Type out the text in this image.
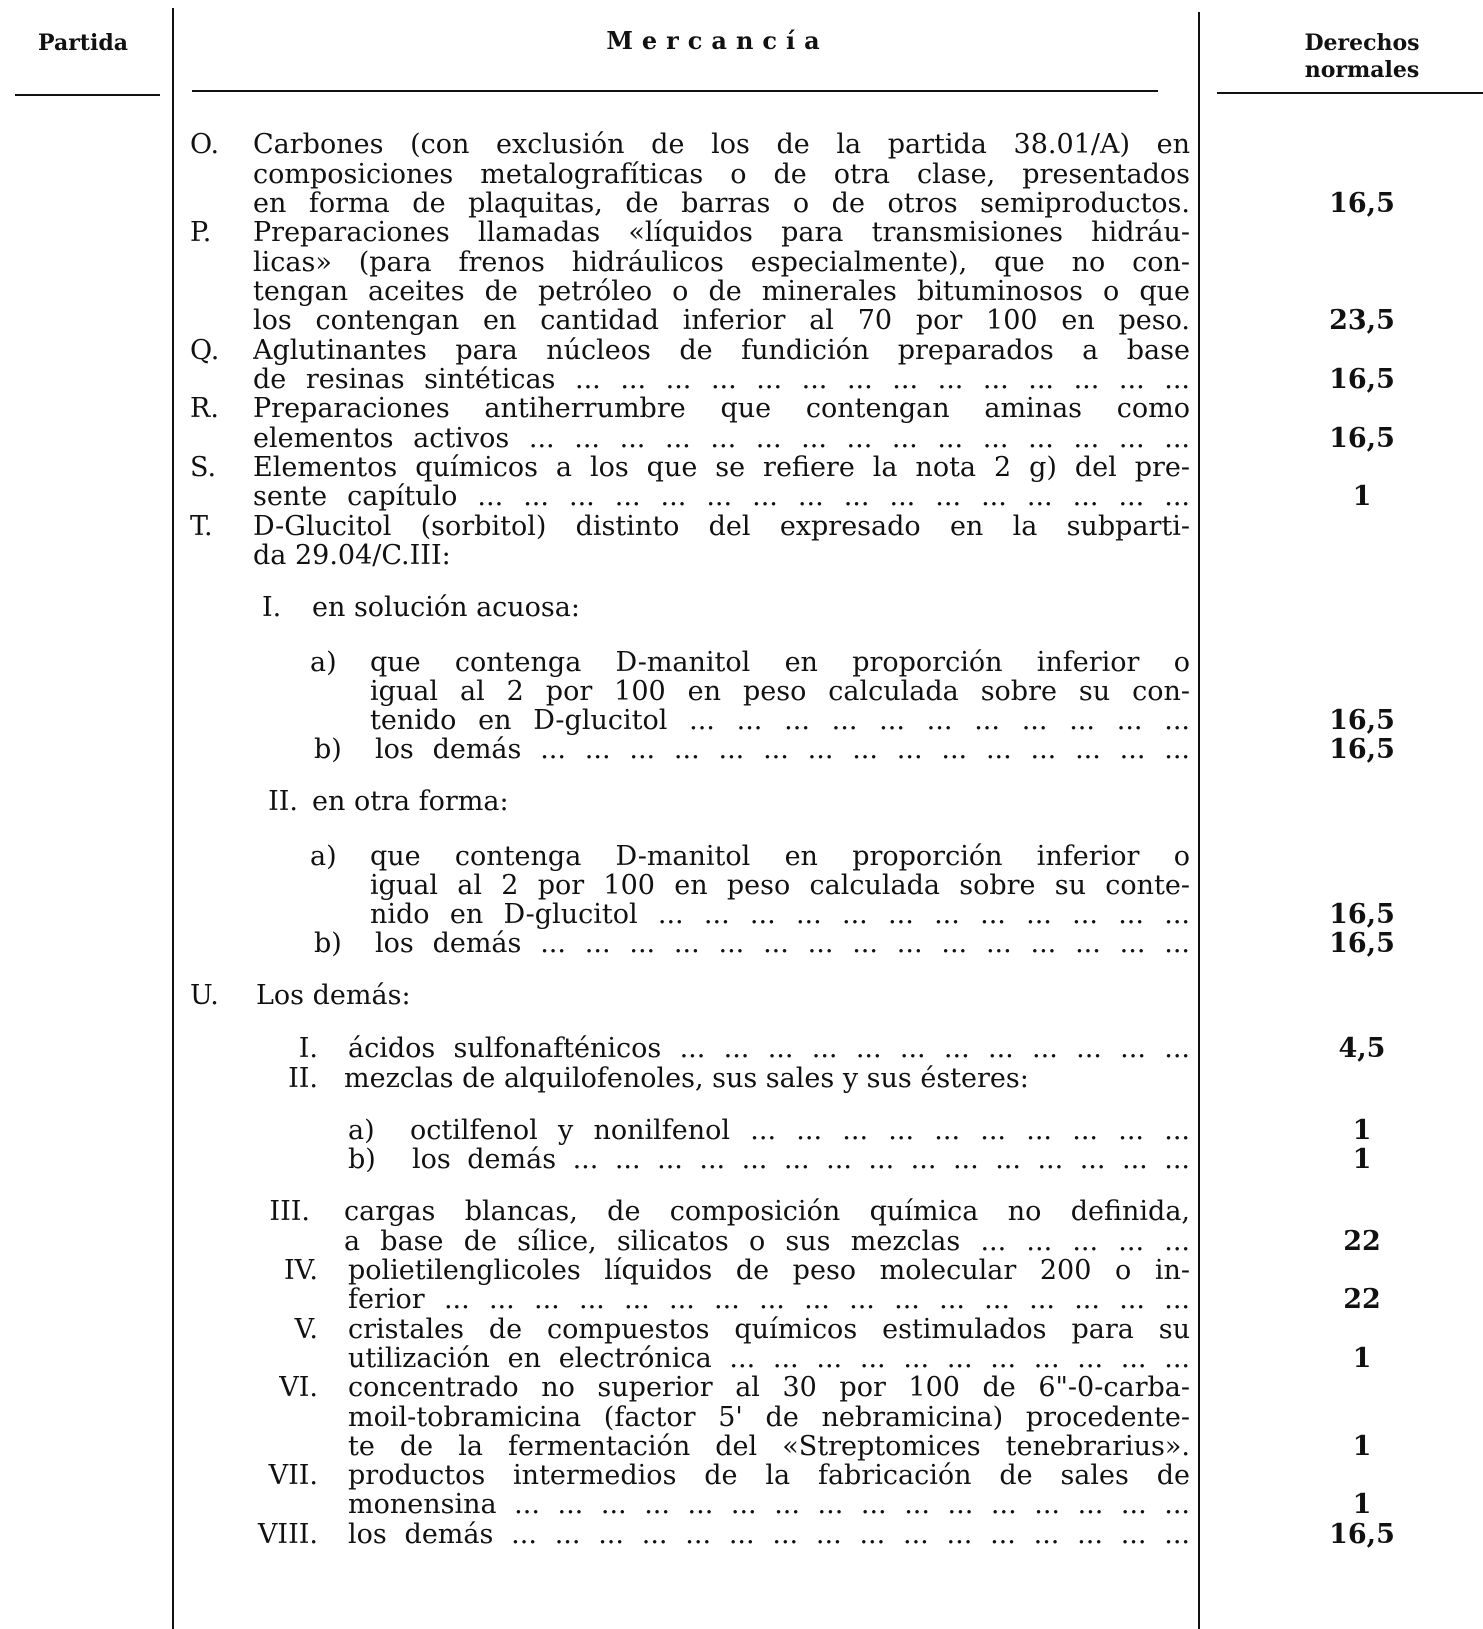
Partida	Mercancía	Derechos
normales
O. Carbones (con exclusión de los de la partida 38.01/A) en
composiciones metalografíticas o de otra clase, presentados
en forma de plaquitas, de barras o de otros semiproductos.	16,5
P. Preparaciones llamadas «líquidos para transmisiones hidráu-
licas» (para frenos hidráulicos especialmente), que no con-
tengan aceites de petróleo o de minerales bituminosos o que
los contengan en cantidad inferior al 70 por 100 en peso.	23,5
Q. Aglutinantes para núcleos de fundición preparados a base
de resinas sintéticas ... ... ... ... ... ... ... ... ... ... ... ... ... ...	16,5
R. Preparaciones antiherrumbre que contengan aminas como
elementos activos ... ... ... ... ... ... ... ... ... ... ... ... ... ... ...	16,5
S. Elementos químicos a los que se refiere la nota 2 g) del pre-
sente capítulo ... ... ... ... ... ... ... ... ... ... ... ... ... ... ... ...	1
T. D-Glucitol (sorbitol) distinto del expresado en la subparti-
da 29.04/C.III:
I. en solución acuosa:
a) que contenga D-manitol en proporción inferior o
igual al 2 por 100 en peso calculada sobre su con-
tenido en D-glucitol ... ... ... ... ... ... ... ... ... ... ...	16,5
b) los demás ... ... ... ... ... ... ... ... ... ... ... ... ... ... ...	16,5
II. en otra forma:
a) que contenga D-manitol en proporción inferior o
igual al 2 por 100 en peso calculada sobre su conte-
nido en D-glucitol ... ... ... ... ... ... ... ... ... ... ... ...	16,5
b) los demás ... ... ... ... ... ... ... ... ... ... ... ... ... ... ...	16,5
U. Los demás:
I. ácidos sulfonafténicos ... ... ... ... ... ... ... ... ... ... ... ...	4,5
II. mezclas de alquilofenoles, sus sales y sus ésteres:
a) octilfenol y nonilfenol ... ... ... ... ... ... ... ... ... ...	1
b) los demás ... ... ... ... ... ... ... ... ... ... ... ... ... ... ...	1
III. cargas blancas, de composición química no definida,
a base de sílice, silicatos o sus mezclas ... ... ... ... ...	22
IV. polietilenglicoles líquidos de peso molecular 200 o in-
ferior ... ... ... ... ... ... ... ... ... ... ... ... ... ... ... ... ...	22
V. cristales de compuestos químicos estimulados para su
utilización en electrónica ... ... ... ... ... ... ... ... ... ... ...	1
VI. concentrado no superior al 30 por 100 de 6"-0-carba-
moil-tobramicina (factor 5' de nebramicina) procedente-
te de la fermentación del «Streptomices tenebrarius».	1
VII. productos intermedios de la fabricación de sales de
monensina ... ... ... ... ... ... ... ... ... ... ... ... ... ... ... ...	1
VIII. los demás ... ... ... ... ... ... ... ... ... ... ... ... ... ... ... ...	16,5
